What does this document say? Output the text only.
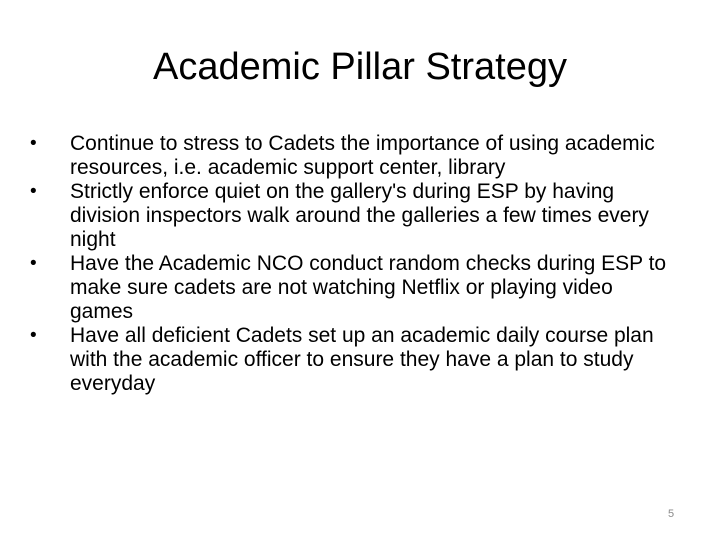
Academic Pillar Strategy
• Continue to stress to Cadets the importance of using academic resources, i.e. academic support center, library
• Strictly enforce quiet on the gallery's during ESP by having division inspectors walk around the galleries a few times every night
• Have the Academic NCO conduct random checks during ESP to make sure cadets are not watching Netflix or playing video games
• Have all deficient Cadets set up an academic daily course plan with the academic officer to ensure they have a plan to study everyday
5
